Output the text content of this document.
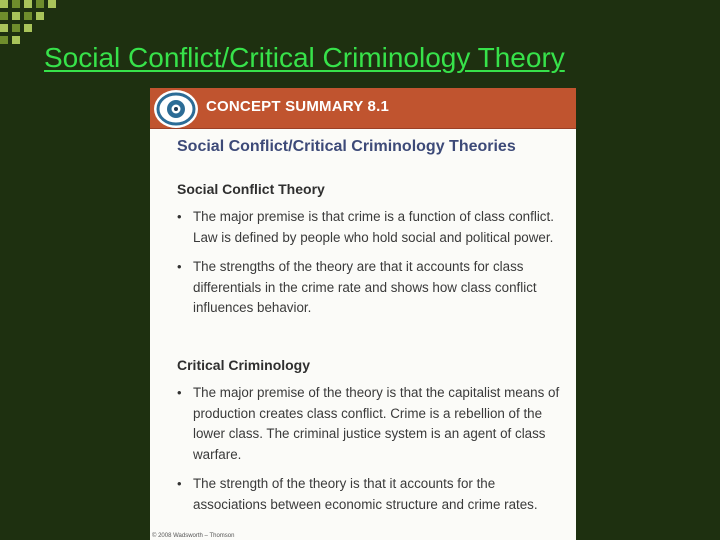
Social Conflict/Critical Criminology Theory
CONCEPT SUMMARY 8.1
Social Conflict/Critical Criminology Theories
Social Conflict Theory
• The major premise is that crime is a function of class conflict. Law is defined by people who hold social and political power.
• The strengths of the theory are that it accounts for class differentials in the crime rate and shows how class conflict influences behavior.
Critical Criminology
• The major premise of the theory is that the capitalist means of production creates class conflict. Crime is a rebellion of the lower class. The criminal justice system is an agent of class warfare.
• The strength of the theory is that it accounts for the associations between economic structure and crime rates.
© 2008 Wadsworth – Thomson
